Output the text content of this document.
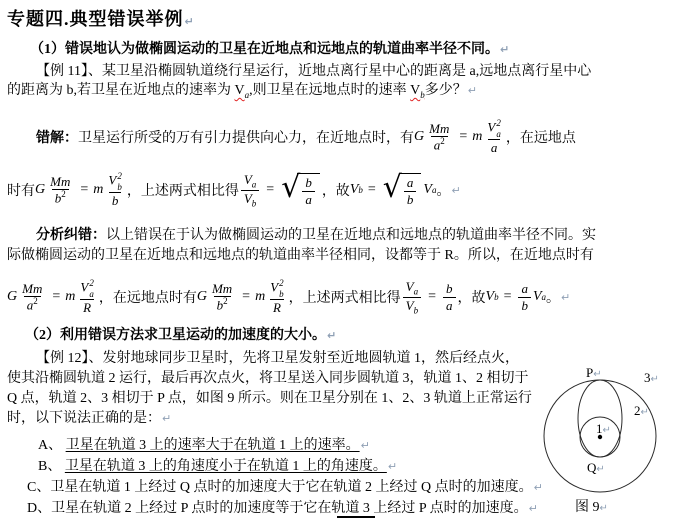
专题四.典型错误举例↵
（1）错误地认为做椭圆运动的卫星在近地点和远地点的轨道曲率半径不同。↵
【例 11】、某卫星沿椭圆轨道绕行星运行，近地点离行星中心的距离是 a,远地点离行星中心
的距离为 b,若卫星在近地点的速率为 $V_a$,则卫星在远地点时的速率 $V_b$多少？↵
错解： 卫星运行所受的万有引力提供向心力，在近地点时，有 G $\frac{Mm}{a^2} = m$ V 2
a
a ，在远地点
时有 G $\frac{Mm}{b^2} = m$ V 2
b
b ，上述两式相比得 $\frac{V_a}{V_b}$ = √ $\frac{b}{a}$ ，故 V b = √ $\frac{a}{b}$ V a 。 ↵
分析纠错：以上错误在于认为做椭圆运动的卫星在近地点和远地点的轨道曲率半径不同。实
际做椭圆运动的卫星在近地点和远地点的轨道曲率半径相同，设都等于 R。所以，在近地点时有
G $\frac{Mm}{a^2} = m$ V 2
a
R ，在远地点时有 G $\frac{Mm}{b^2} = m$ V 2
b
R ，上述两式相比得 $\frac{V_a}{V_b} = \frac{b}{a}$ ，故 V $b = \frac{a}{b}$ V a 。 ↵
（2）利用错误方法求卫星运动的加速度的大小。↵
【例 12】、发射地球同步卫星时，先将卫星发射至近地圆轨道 1，然后经点火，
使其沿椭圆轨道 2 运行，最后再次点火，将卫星送入同步圆轨道 3，轨道 1、2 相切于
Q 点，轨道 2、3 相切于 P 点，如图 9 所示。则在卫星分别在 1、2、3 轨道上正常运行
时，以下说法正确的是：↵
A、 卫星在轨道 3 上的速率大于在轨道 1 上的速率。↵
B、 卫星在轨道 3 上的角速度小于在轨道 1 上的角速度。↵
C、卫星在轨道 1 上经过 Q 点时的加速度大于它在轨道 2 上经过 Q 点时的加速度。↵
D、卫星在轨道 2 上经过 P 点时的加速度等于它在轨道 3 上经过 P 点时的加速度。↵
P↵	3↵
2↵
1↵
Q↵
图 9↵
